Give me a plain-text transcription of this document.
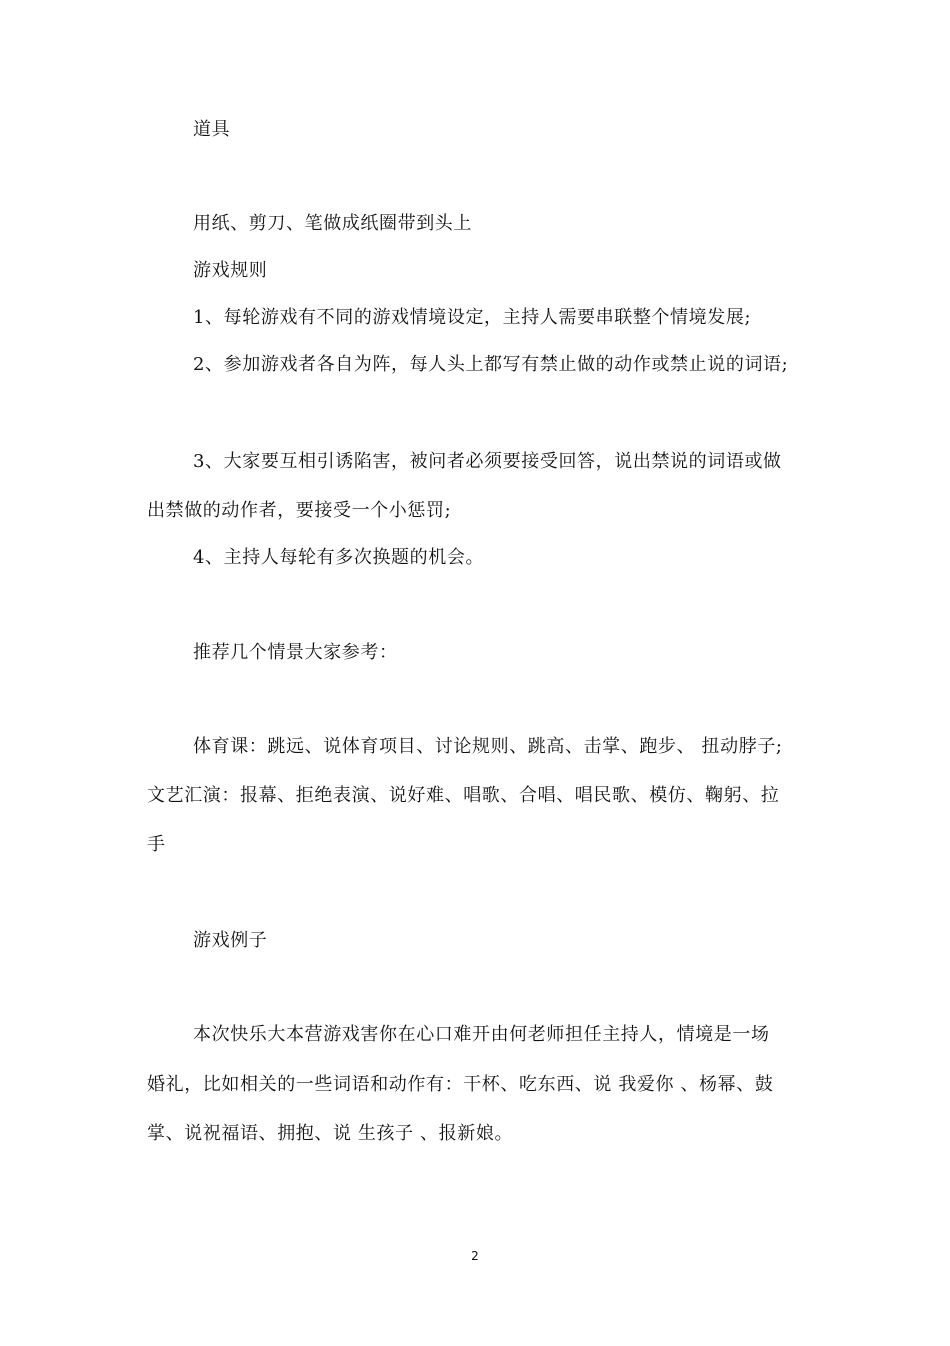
道具
用纸、剪刀、笔做成纸圈带到头上
游戏规则
1、每轮游戏有不同的游戏情境设定，主持人需要串联整个情境发展;
2、参加游戏者各自为阵，每人头上都写有禁止做的动作或禁止说的词语;
3、大家要互相引诱陷害，被问者必须要接受回答，说出禁说的词语或做
出禁做的动作者，要接受一个小惩罚;
4、主持人每轮有多次换题的机会。
推荐几个情景大家参考：
体育课：跳远、说体育项目、讨论规则、跳高、击掌、跑步、 扭动脖子;
文艺汇演：报幕、拒绝表演、说好难、唱歌、合唱、唱民歌、模仿、鞠躬、拉
手
游戏例子
本次快乐大本营游戏害你在心口难开由何老师担任主持人，情境是一场
婚礼，比如相关的一些词语和动作有：干杯、吃东西、说 我爱你 、杨幂、鼓
掌、说祝福语、拥抱、说 生孩子 、报新娘。
2
